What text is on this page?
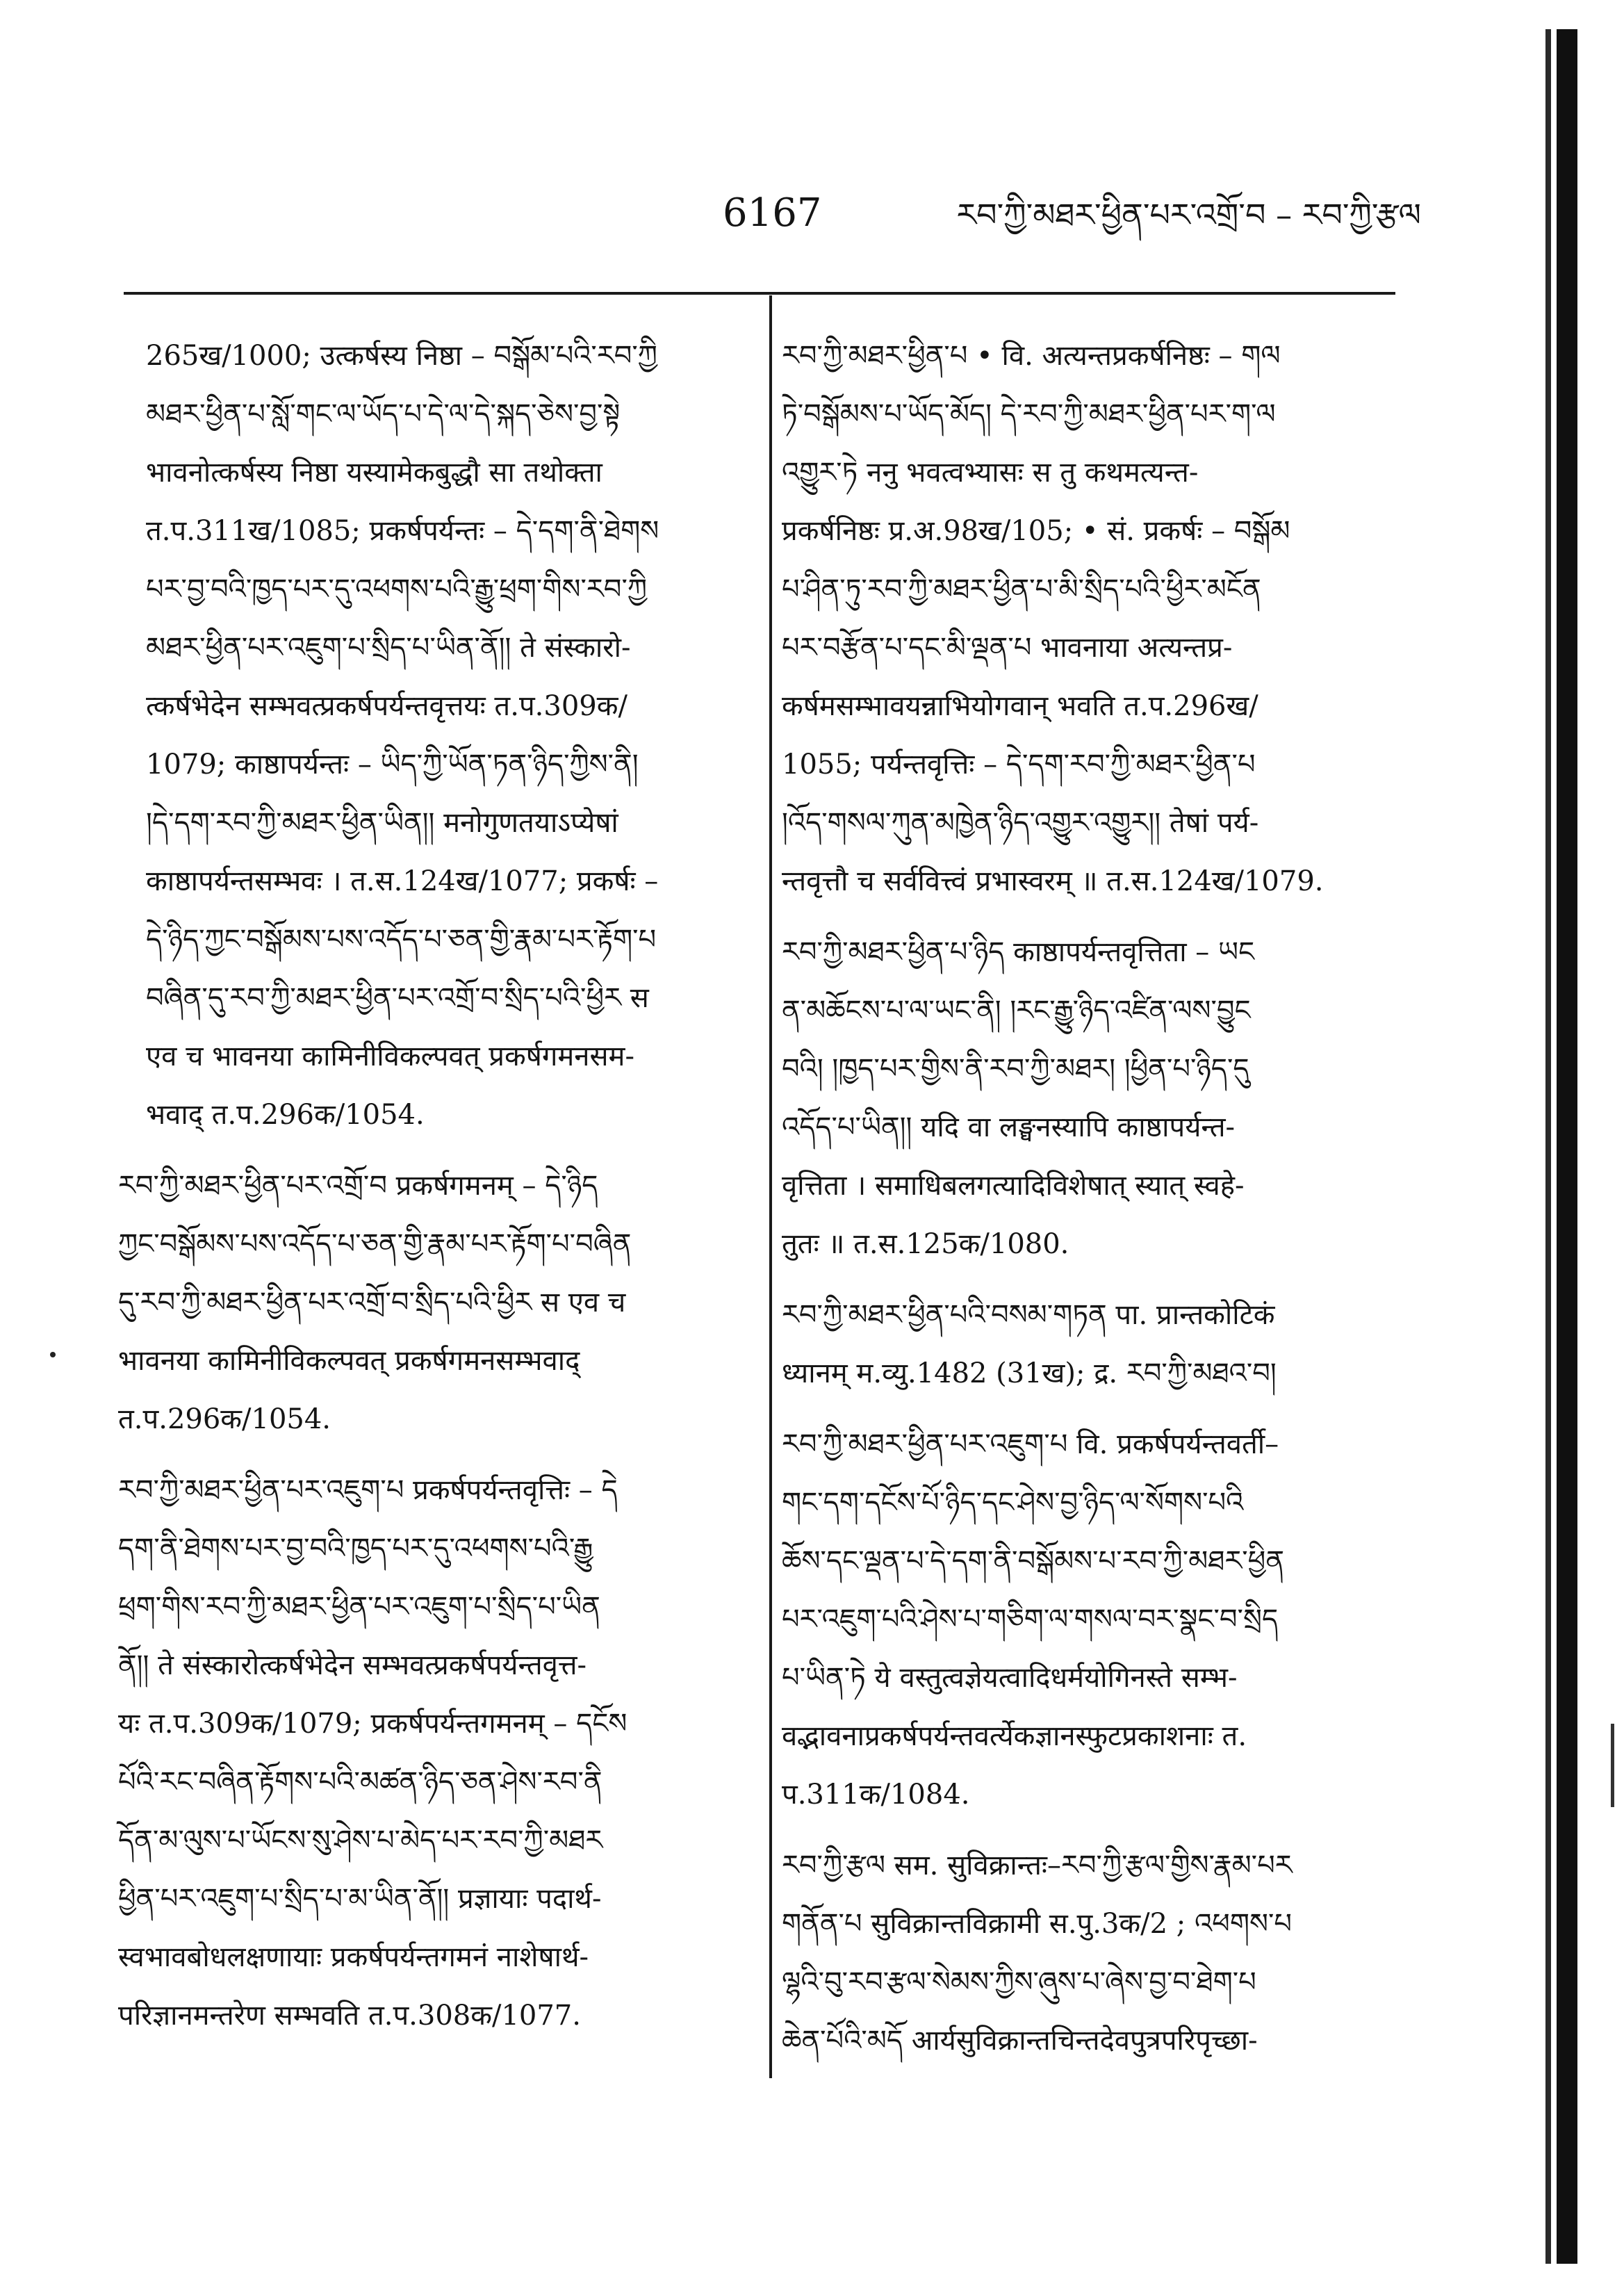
6167	རབ་ཀྱི་མཐར་ཕྱིན་པར་འགྲོ་བ – རབ་ཀྱི་རྩལ
265ख/1000; उत्कर्षस्य निष्ठा – བསྒོམ་པའི་རབ་ཀྱི
མཐར་ཕྱིན་པ་སློ་གང་ལ་ཡོད་པ་དེ་ལ་དེ་སྐད་ཅེས་བྱ་སྟེ
भावनोत्कर्षस्य निष्ठा यस्यामेकबुद्धौ सा तथोक्ता
त.प.311ख/1085; प्रकर्षपर्यन्तः – དེ་དག་ནི་ཐེགས
པར་བྱ་བའི་ཁྱད་པར་དུ་འཕགས་པའི་རྒྱུ་ཕྲག་གིས་རབ་ཀྱི
མཐར་ཕྱིན་པར་འཇུག་པ་སྲིད་པ་ཡིན་ནོ།། ते संस्कारो-
त्कर्षभेदेन सम्भवत्प्रकर्षपर्यन्तवृत्तयः त.प.309क/
1079; काष्ठापर्यन्तः – ཡིད་ཀྱི་ཡོན་ཏན་ཉིད་ཀྱིས་ནི།
།དེ་དག་རབ་ཀྱི་མཐར་ཕྱིན་ཡིན།། मनोगुणतयाऽप्येषां
काष्ठापर्यन्तसम्भवः । त.स.124ख/1077; प्रकर्षः –
དེ་ཉིད་ཀྱང་བསྒོམས་པས་འདོད་པ་ཅན་གྱི་རྣམ་པར་རྟོག་པ
བཞིན་དུ་རབ་ཀྱི་མཐར་ཕྱིན་པར་འགྲོ་བ་སྲིད་པའི་ཕྱིར स
एव च भावनया कामिनीविकल्पवत् प्रकर्षगमनसम-
भवाद् त.प.296क/1054.
རབ་ཀྱི་མཐར་ཕྱིན་པར་འགྲོ་བ प्रकर्षगमनम् – དེ་ཉིད
ཀྱང་བསྒོམས་པས་འདོད་པ་ཅན་གྱི་རྣམ་པར་རྟོག་པ་བཞིན
དུ་རབ་ཀྱི་མཐར་ཕྱིན་པར་འགྲོ་བ་སྲིད་པའི་ཕྱིར स एव च
भावनया कामिनीविकल्पवत् प्रकर्षगमनसम्भवाद्
त.प.296क/1054.
རབ་ཀྱི་མཐར་ཕྱིན་པར་འཇུག་པ प्रकर्षपर्यन्तवृत्तिः – དེ
དག་ནི་ཐེགས་པར་བྱ་བའི་ཁྱད་པར་དུ་འཕགས་པའི་རྒྱུ
ཕྲག་གིས་རབ་ཀྱི་མཐར་ཕྱིན་པར་འཇུག་པ་སྲིད་པ་ཡིན
ནོ།། ते संस्कारोत्कर्षभेदेन सम्भवत्प्रकर्षपर्यन्तवृत्त-
यः त.प.309क/1079; प्रकर्षपर्यन्तगमनम् – དངོས
པོའི་རང་བཞིན་རྟོགས་པའི་མཚན་ཉིད་ཅན་ཤེས་རབ་ནི
དོན་མ་ལུས་པ་ཡོངས་སུ་ཤེས་པ་མེད་པར་རབ་ཀྱི་མཐར
ཕྱིན་པར་འཇུག་པ་སྲིད་པ་མ་ཡིན་ནོ།། प्रज्ञायाः पदार्थ-
स्वभावबोधलक्षणायाः प्रकर्षपर्यन्तगमनं नाशेषार्थ-
परिज्ञानमन्तरेण सम्भवति त.प.308क/1077.
རབ་ཀྱི་མཐར་ཕྱིན་པ • वि. अत्यन्तप्रकर्षनिष्ठः – གལ
ཏེ་བསྒོམས་པ་ཡོད་མོད། དེ་རབ་ཀྱི་མཐར་ཕྱིན་པར་ག་ལ
འགྱུར་ཏེ ननु भवत्वभ्यासः स तु कथमत्यन्त-
प्रकर्षनिष्ठः प्र.अ.98ख/105; • सं. प्रकर्षः – བསྒོམ
པ་ཤིན་ཏུ་རབ་ཀྱི་མཐར་ཕྱིན་པ་མི་སྲིད་པའི་ཕྱིར་མངོན
པར་བརྩོན་པ་དང་མི་ལྡན་པ भावनाया अत्यन्तप्र-
कर्षमसम्भावयन्नाभियोगवान् भवति त.प.296ख/
1055; पर्यन्तवृत्तिः – དེ་དག་རབ་ཀྱི་མཐར་ཕྱིན་པ
།འོད་གསལ་ཀུན་མཁྱེན་ཉིད་འགྱུར་འགྱུར།། तेषां पर्य-
न्तवृत्तौ च सर्ववित्त्वं प्रभास्वरम् ॥ त.स.124ख/1079.
རབ་ཀྱི་མཐར་ཕྱིན་པ་ཉིད काष्ठापर्यन्तवृत्तिता – ཡང
ན་མཆོངས་པ་ལ་ཡང་ནི། །རང་རྒྱུ་ཉིད་འཛིན་ལས་བྱུང
བའི། །ཁྱད་པར་གྱིས་ནི་རབ་ཀྱི་མཐར། །ཕྱིན་པ་ཉིད་དུ
འདོད་པ་ཡིན།། यदि वा लङ्घनस्यापि काष्ठापर्यन्त-
वृत्तिता । समाधिबलगत्यादिविशेषात् स्यात् स्वहे-
तुतः ॥ त.स.125क/1080.
རབ་ཀྱི་མཐར་ཕྱིན་པའི་བསམ་གཏན पा. प्रान्तकोटिकं
ध्यानम् म.व्यु.1482 (31ख); द्र. རབ་ཀྱི་མཐའ་བ།
རབ་ཀྱི་མཐར་ཕྱིན་པར་འཇུག་པ वि. प्रकर्षपर्यन्तवर्ती–
གང་དག་དངོས་པོ་ཉིད་དང་ཤེས་བྱ་ཉིད་ལ་སོགས་པའི
ཆོས་དང་ལྡན་པ་དེ་དག་ནི་བསྒོམས་པ་རབ་ཀྱི་མཐར་ཕྱིན
པར་འཇུག་པའི་ཤེས་པ་གཅིག་ལ་གསལ་བར་སྣང་བ་སྲིད
པ་ཡིན་ཏེ ये वस्तुत्वज्ञेयत्वादिधर्मयोगिनस्ते सम्भ-
वद्भावनाप्रकर्षपर्यन्तवर्त्येकज्ञानस्फुटप्रकाशनाः त.
प.311क/1084.
རབ་ཀྱི་རྩལ सम. सुविक्रान्तः–རབ་ཀྱི་རྩལ་གྱིས་རྣམ་པར
གནོན་པ सुविक्रान्तविक्रामी स.पु.3क/2 ; འཕགས་པ
ལྷའི་བུ་རབ་རྩལ་སེམས་ཀྱིས་ཞུས་པ་ཞེས་བྱ་བ་ཐེག་པ
ཆེན་པོའི་མདོ आर्यसुविक्रान्तचिन्तदेवपुत्रपरिपृच्छा-
